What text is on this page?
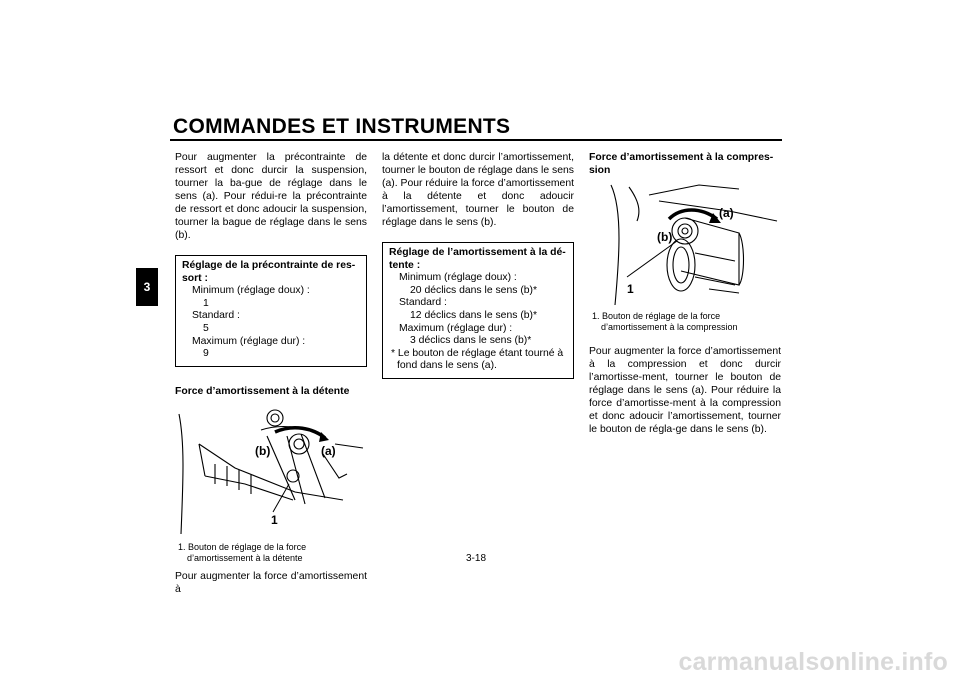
COMMANDES ET INSTRUMENTS
3

Pour augmenter la précontrainte de ressort et donc durcir la suspension, tourner la ba-gue de réglage dans le sens (a). Pour rédui-re la précontrainte de ressort et donc adoucir la suspension, tourner la bague de réglage dans le sens (b).

Réglage de la précontrainte de res-sort :
Minimum (réglage doux) :
1
Standard :
5
Maximum (réglage dur) :
9

Force d’amortissement à la détente

(b)	(a)
1
1. Bouton de réglage de la force d’amortissement à la détente

Pour augmenter la force d’amortissement à

la détente et donc durcir l’amortissement, tourner le bouton de réglage dans le sens (a). Pour réduire la force d’amortissement à la détente et donc adoucir l’amortissement, tourner le bouton de réglage dans le sens (b).

Réglage de l’amortissement à la dé-tente :
Minimum (réglage doux) :
20 déclics dans le sens (b)*
Standard :
12 déclics dans le sens (b)*
Maximum (réglage dur) :
3 déclics dans le sens (b)*
* Le bouton de réglage étant tourné à fond dans le sens (a).

Force d’amortissement à la compres-sion

(b)
(a)
1
1. Bouton de réglage de la force d’amortissement à la compression

Pour augmenter la force d’amortissement à la compression et donc durcir l’amortisse-ment, tourner le bouton de réglage dans le sens (a). Pour réduire la force d’amortisse-ment à la compression et donc adoucir l’amortissement, tourner le bouton de régla-ge dans le sens (b).

3-18
carmanualsonline.info
